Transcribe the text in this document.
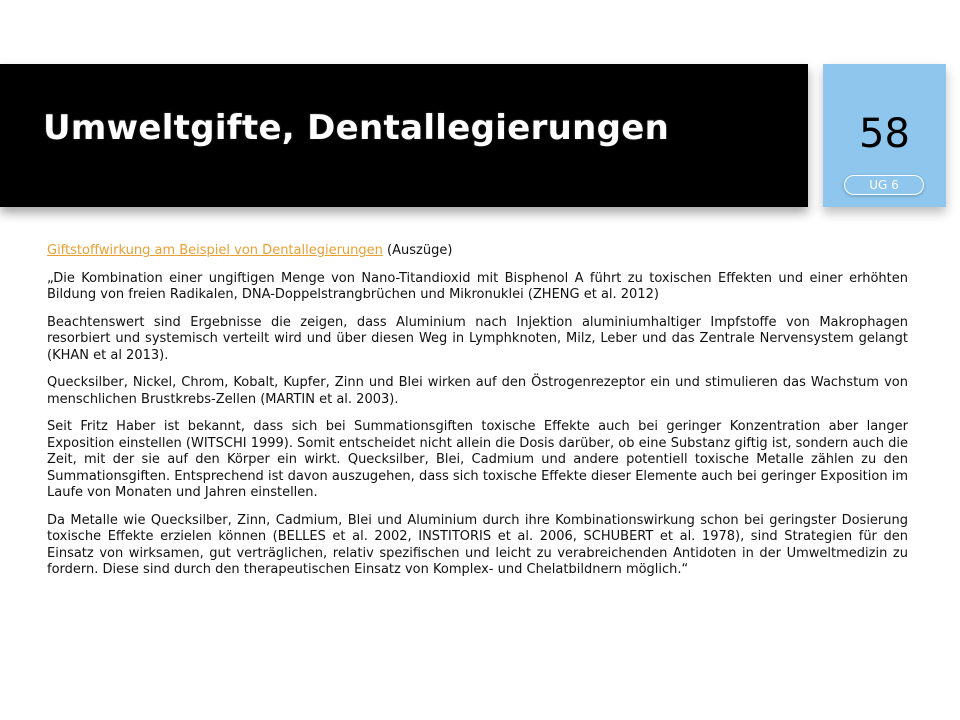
Umweltgifte, Dentallegierungen	58
UG 6

Giftstoffwirkung am Beispiel von Dentallegierungen (Auszüge)

„Die Kombination einer ungiftigen Menge von Nano-Titandioxid mit Bisphenol A führt zu toxischen Effekten und einer erhöhten Bildung von freien Radikalen, DNA-Doppelstrangbrüchen und Mikronuklei (ZHENG et al. 2012)

Beachtenswert sind Ergebnisse die zeigen, dass Aluminium nach Injektion aluminiumhaltiger Impfstoffe von Makrophagen resorbiert und systemisch verteilt wird und über diesen Weg in Lymphknoten, Milz, Leber und das Zentrale Nervensystem gelangt (KHAN et al 2013).

Quecksilber, Nickel, Chrom, Kobalt, Kupfer, Zinn und Blei wirken auf den Östrogenrezeptor ein und stimulieren das Wachstum von menschlichen Brustkrebs-Zellen (MARTIN et al. 2003).

Seit Fritz Haber ist bekannt, dass sich bei Summationsgiften toxische Effekte auch bei geringer Konzentration aber langer Exposition einstellen (WITSCHI 1999). Somit entscheidet nicht allein die Dosis darüber, ob eine Substanz giftig ist, sondern auch die Zeit, mit der sie auf den Körper ein wirkt. Quecksilber, Blei, Cadmium und andere potentiell toxische Metalle zählen zu den Summationsgiften. Entsprechend ist davon auszugehen, dass sich toxische Effekte dieser Elemente auch bei geringer Exposition im Laufe von Monaten und Jahren einstellen.

Da Metalle wie Quecksilber, Zinn, Cadmium, Blei und Aluminium durch ihre Kombinationswirkung schon bei geringster Dosierung toxische Effekte erzielen können (BELLES et al. 2002, INSTITORIS et al. 2006, SCHUBERT et al. 1978), sind Strategien für den Einsatz von wirksamen, gut verträglichen, relativ spezifischen und leicht zu verabreichenden Antidoten in der Umweltmedizin zu fordern. Diese sind durch den therapeutischen Einsatz von Komplex- und Chelatbildnern möglich.“
